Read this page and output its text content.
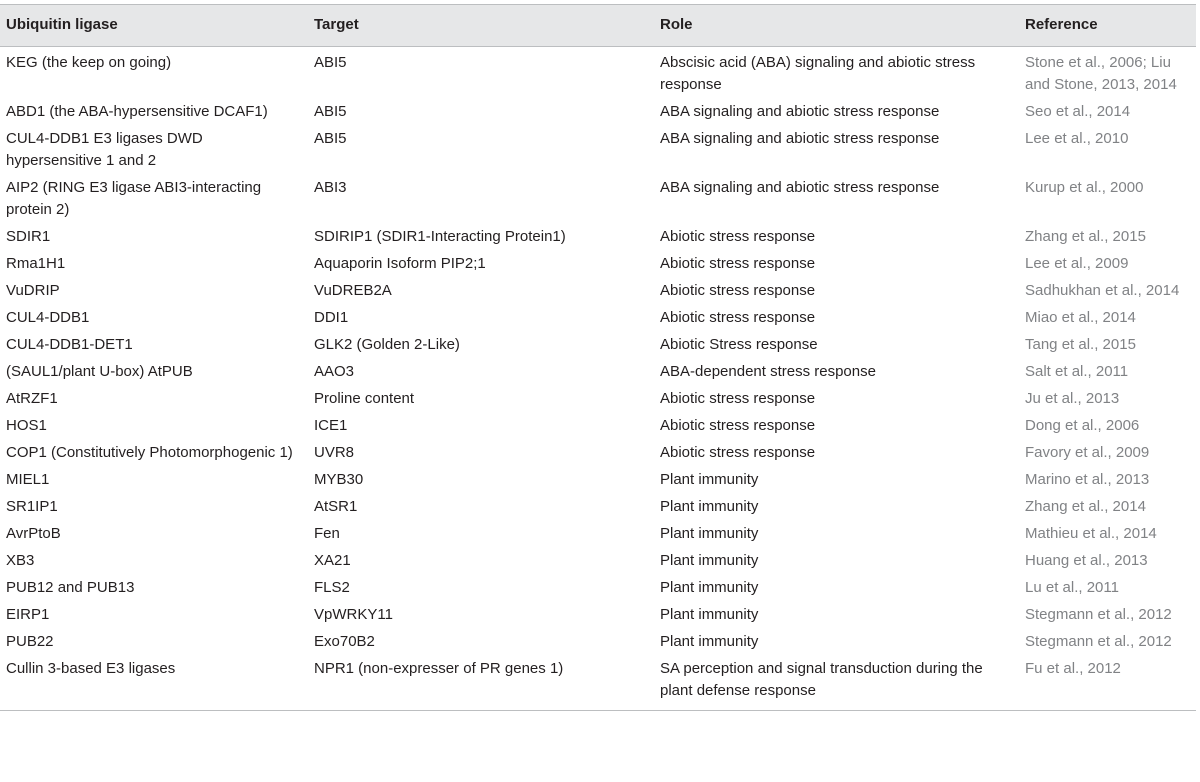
Ubiquitin ligase	Target	Role	Reference
KEG (the keep on going)	ABI5	Abscisic acid (ABA) signaling and abiotic stress response	Stone et al., 2006; Liu and Stone, 2013, 2014
ABD1 (the ABA-hypersensitive DCAF1)	ABI5	ABA signaling and abiotic stress response	Seo et al., 2014
CUL4-DDB1 E3 ligases DWD hypersensitive 1 and 2	ABI5	ABA signaling and abiotic stress response	Lee et al., 2010
AIP2 (RING E3 ligase ABI3-interacting protein 2)	ABI3	ABA signaling and abiotic stress response	Kurup et al., 2000
SDIR1	SDIRIP1 (SDIR1-Interacting Protein1)	Abiotic stress response	Zhang et al., 2015
Rma1H1	Aquaporin Isoform PIP2;1	Abiotic stress response	Lee et al., 2009
VuDRIP	VuDREB2A	Abiotic stress response	Sadhukhan et al., 2014
CUL4-DDB1	DDI1	Abiotic stress response	Miao et al., 2014
CUL4-DDB1-DET1	GLK2 (Golden 2-Like)	Abiotic Stress response	Tang et al., 2015
(SAUL1/plant U-box) AtPUB	AAO3	ABA-dependent stress response	Salt et al., 2011
AtRZF1	Proline content	Abiotic stress response	Ju et al., 2013
HOS1	ICE1	Abiotic stress response	Dong et al., 2006
COP1 (Constitutively Photomorphogenic 1)	UVR8	Abiotic stress response	Favory et al., 2009
MIEL1	MYB30	Plant immunity	Marino et al., 2013
SR1IP1	AtSR1	Plant immunity	Zhang et al., 2014
AvrPtoB	Fen	Plant immunity	Mathieu et al., 2014
XB3	XA21	Plant immunity	Huang et al., 2013
PUB12 and PUB13	FLS2	Plant immunity	Lu et al., 2011
EIRP1	VpWRKY11	Plant immunity	Stegmann et al., 2012
PUB22	Exo70B2	Plant immunity	Stegmann et al., 2012
Cullin 3-based E3 ligases	NPR1 (non-expresser of PR genes 1)	SA perception and signal transduction during the plant defense response	Fu et al., 2012
